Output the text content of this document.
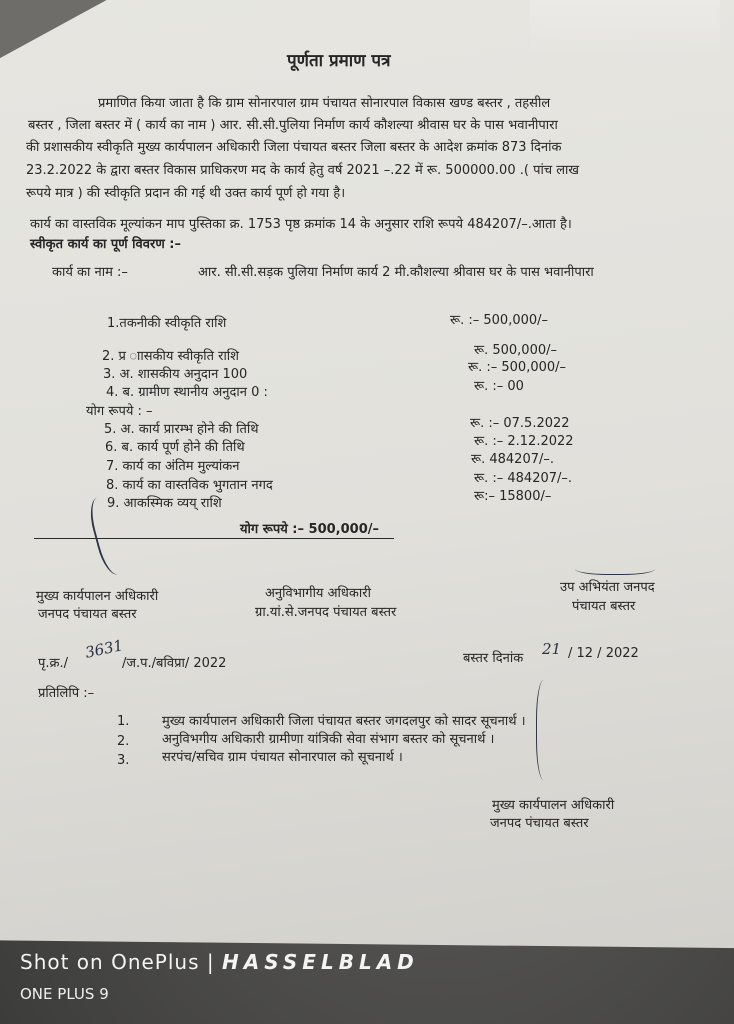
पूर्णता प्रमाण पत्र
प्रमाणित किया जाता है कि ग्राम सोनारपाल ग्राम पंचायत सोनारपाल विकास खण्ड बस्तर , तहसील
बस्तर , जिला बस्तर में ( कार्य का नाम ) आर. सी.सी.पुलिया निर्माण कार्य कौशल्या श्रीवास घर के पास भवानीपारा
की प्रशासकीय स्वीकृति मुख्य कार्यपालन अधिकारी जिला पंचायत बस्तर जिला बस्तर के आदेश क्रमांक 873 दिनांक
23.2.2022 के द्वारा बस्तर विकास प्राधिकरण मद के कार्य हेतु वर्ष 2021 –.22 में रू. 500000.00 .( पांच लाख
रूपये मात्र ) की स्वीकृति प्रदान की गई थी उक्त कार्य पूर्ण हो गया है।
कार्य का वास्तविक मूल्यांकन माप पुस्तिका क्र. 1753 पृष्ठ क्रमांक 14 के अनुसार राशि रूपये 484207/–.आता है।
स्वीकृत कार्य का पूर्ण विवरण :–
कार्य का नाम :–	आर. सी.सी.सड़क पुलिया निर्माण कार्य 2 मी.कौशल्या श्रीवास घर के पास भवानीपारा
1.तकनीकी स्वीकृति राशि	रू. :– 500,000/–
2. प्र ाासकीय स्वीकृति राशि	रू. 500,000/–
3. अ. शासकीय अनुदान 100	रू. :– 500,000/–
4. ब. ग्रामीण स्थानीय अनुदान 0 :	रू. :– 00
योग रूपये : –
5. अ. कार्य प्रारम्भ होने की तिथि	रू. :– 07.5.2022
6. ब. कार्य पूर्ण होने की तिथि	रू. :– 2.12.2022
7. कार्य का अंतिम मुल्यांकन	रू. 484207/–.
8. कार्य का वास्तविक भुगतान नगद	रू. :– 484207/–.
9. आकस्मिक व्यय् राशि	रू:– 15800/–
योग रूपये :– 500,000/–
मुख्य कार्यपालन अधिकारी
जनपद पंचायत बस्तर
अनुविभागीय अधिकारी
ग्रा.यां.से.जनपद पंचायत बस्तर
उप अभियंता जनपद
पंचायत बस्तर
पृ.क्र./
3631
/ज.प./बविप्रा/ 2022	बस्तर दिनांक
21 / 12 / 2022
प्रतिलिपि :–
1.	मुख्य कार्यपालन अधिकारी जिला पंचायत बस्तर जगदलपुर को सादर सूचनार्थ ।
2.	अनुविभगीय अधिकारी ग्रामीणा यांत्रिकी सेवा संभाग बस्तर को सूचनार्थ ।
3.	सरपंच/सचिव ग्राम पंचायत सोनारपाल को सूचनार्थ ।
मुख्य कार्यपालन अधिकारी
जनपद पंचायत बस्तर
Shot on OnePlus | HASSELBLAD
ONE PLUS 9
